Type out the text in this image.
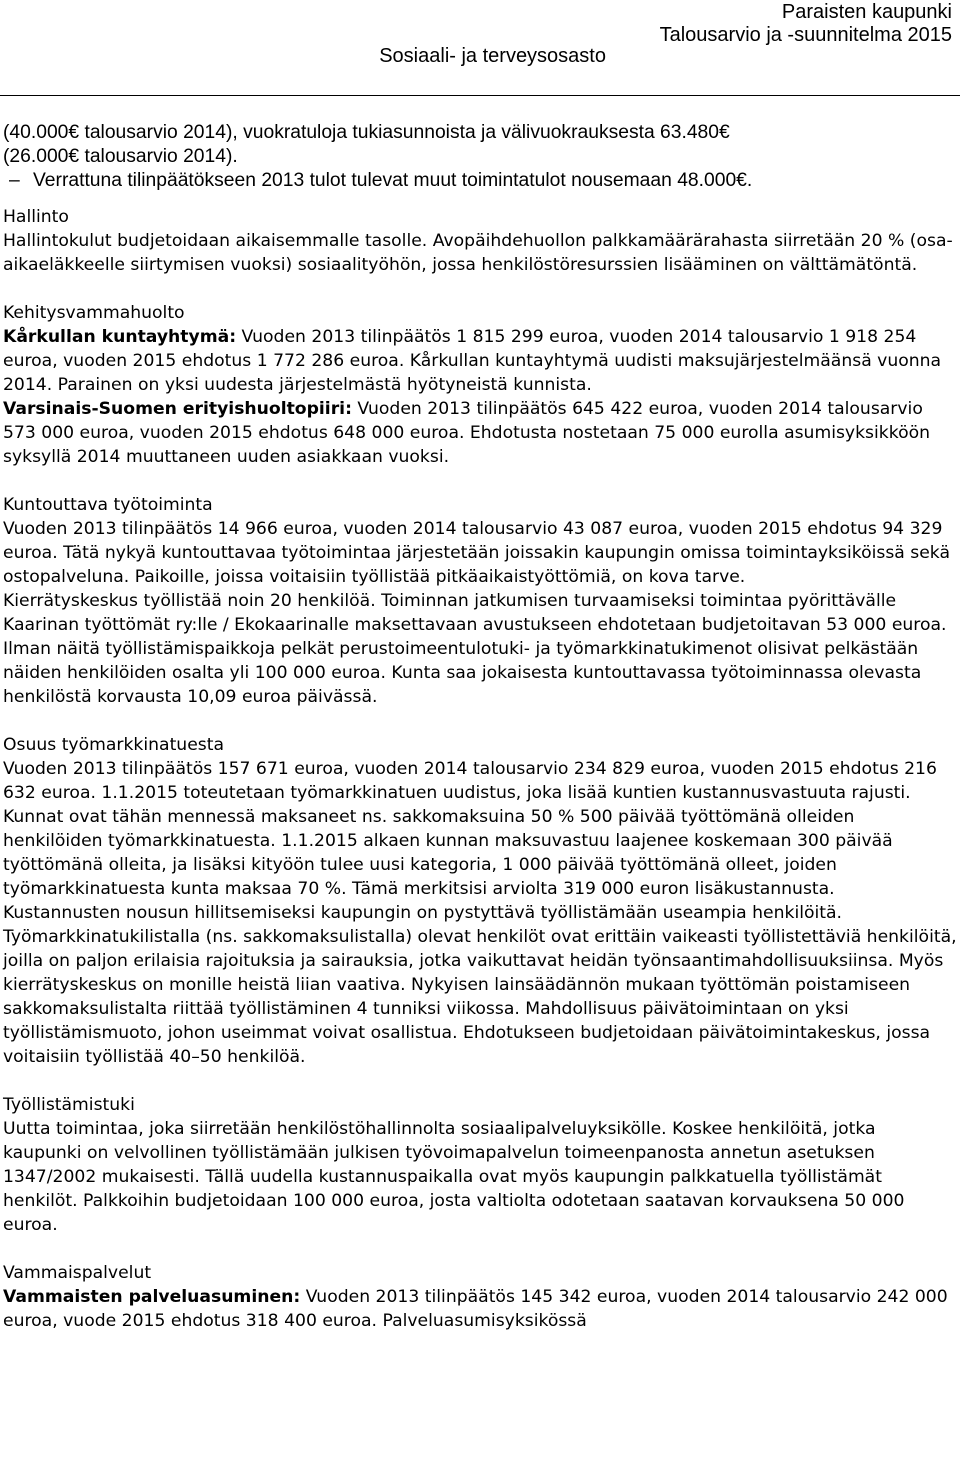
Paraisten kaupunki
Talousarvio ja -suunnitelma 2015
Sosiaali- ja terveysosasto

(40.000€ talousarvio 2014), vuokratuloja tukiasunnoista ja välivuokrauksesta 63.480€

(26.000€ talousarvio 2014).

– Verrattuna tilinpäätökseen 2013 tulot tulevat muut toimintatulot nousemaan 48.000€.

Hallinto

Hallintokulut budjetoidaan aikaisemmalle tasolle. Avopäihdehuollon palkkamäärärahasta siirretään 20 % (osa-aikaeläkkeelle siirtymisen vuoksi) sosiaalityöhön, jossa henkilöstöresurssien lisääminen on välttämätöntä.

Kehitysvammahuolto

Kårkullan kuntayhtymä: Vuoden 2013 tilinpäätös 1 815 299 euroa, vuoden 2014 talousarvio 1 918 254 euroa, vuoden 2015 ehdotus 1 772 286 euroa. Kårkullan kuntayhtymä uudisti maksujärjestelmäänsä vuonna 2014. Parainen on yksi uudesta järjestelmästä hyötyneistä kunnista.

Varsinais-Suomen erityishuoltopiiri: Vuoden 2013 tilinpäätös 645 422 euroa, vuoden 2014 talousarvio 573 000 euroa, vuoden 2015 ehdotus 648 000 euroa. Ehdotusta nostetaan 75 000 eurolla asumisyksikköön syksyllä 2014 muuttaneen uuden asiakkaan vuoksi.

Kuntouttava työtoiminta

Vuoden 2013 tilinpäätös 14 966 euroa, vuoden 2014 talousarvio 43 087 euroa, vuoden 2015 ehdotus 94 329 euroa. Tätä nykyä kuntouttavaa työtoimintaa järjestetään joissakin kaupungin omissa toimintayksiköissä sekä ostopalveluna. Paikoille, joissa voitaisiin työllistää pitkäaikaistyöttömiä, on kova tarve.

Kierrätyskeskus työllistää noin 20 henkilöä. Toiminnan jatkumisen turvaamiseksi toimintaa pyörittävälle Kaarinan työttömät ry:lle / Ekokaarinalle maksettavaan avustukseen ehdotetaan budjetoitavan 53 000 euroa. Ilman näitä työllistämispaikkoja pelkät perustoimeentulotuki- ja työmarkkinatukimenot olisivat pelkästään näiden henkilöiden osalta yli 100 000 euroa. Kunta saa jokaisesta kuntouttavassa työtoiminnassa olevasta henkilöstä korvausta 10,09 euroa päivässä.

Osuus työmarkkinatuesta

Vuoden 2013 tilinpäätös 157 671 euroa, vuoden 2014 talousarvio 234 829 euroa, vuoden 2015 ehdotus 216 632 euroa. 1.1.2015 toteutetaan työmarkkinatuen uudistus, joka lisää kuntien kustannusvastuuta rajusti. Kunnat ovat tähän mennessä maksaneet ns. sakkomaksuina 50 % 500 päivää työttömänä olleiden henkilöiden työmarkkinatuesta. 1.1.2015 alkaen kunnan maksuvastuu laajenee koskemaan 300 päivää työttömänä olleita, ja lisäksi kityöön tulee uusi kategoria, 1 000 päivää työttömänä olleet, joiden työmarkkinatuesta kunta maksaa 70 %. Tämä merkitsisi arviolta 319 000 euron lisäkustannusta.

Kustannusten nousun hillitsemiseksi kaupungin on pystyttävä työllistämään useampia henkilöitä. Työmarkkinatukilistalla (ns. sakkomaksulistalla) olevat henkilöt ovat erittäin vaikeasti työllistettäviä henkilöitä, joilla on paljon erilaisia rajoituksia ja sairauksia, jotka vaikuttavat heidän työnsaantimahdollisuuksiinsa. Myös kierrätyskeskus on monille heistä liian vaativa. Nykyisen lainsäädännön mukaan työttömän poistamiseen sakkomaksulistalta riittää työllistäminen 4 tunniksi viikossa. Mahdollisuus päivätoimintaan on yksi työllistämismuoto, johon useimmat voivat osallistua. Ehdotukseen budjetoidaan päivätoimintakeskus, jossa voitaisiin työllistää 40–50 henkilöä.

Työllistämistuki

Uutta toimintaa, joka siirretään henkilöstöhallinnolta sosiaalipalveluyksikölle. Koskee henkilöitä, jotka kaupunki on velvollinen työllistämään julkisen työvoimapalvelun toimeenpanosta annetun asetuksen 1347/2002 mukaisesti. Tällä uudella kustannuspaikalla ovat myös kaupungin palkkatuella työllistämät henkilöt. Palkkoihin budjetoidaan 100 000 euroa, josta valtiolta odotetaan saatavan korvauksena 50 000 euroa.

Vammaispalvelut

Vammaisten palveluasuminen: Vuoden 2013 tilinpäätös 145 342 euroa, vuoden 2014 talousarvio 242 000 euroa, vuode 2015 ehdotus 318 400 euroa. Palveluasumisyksikössä
